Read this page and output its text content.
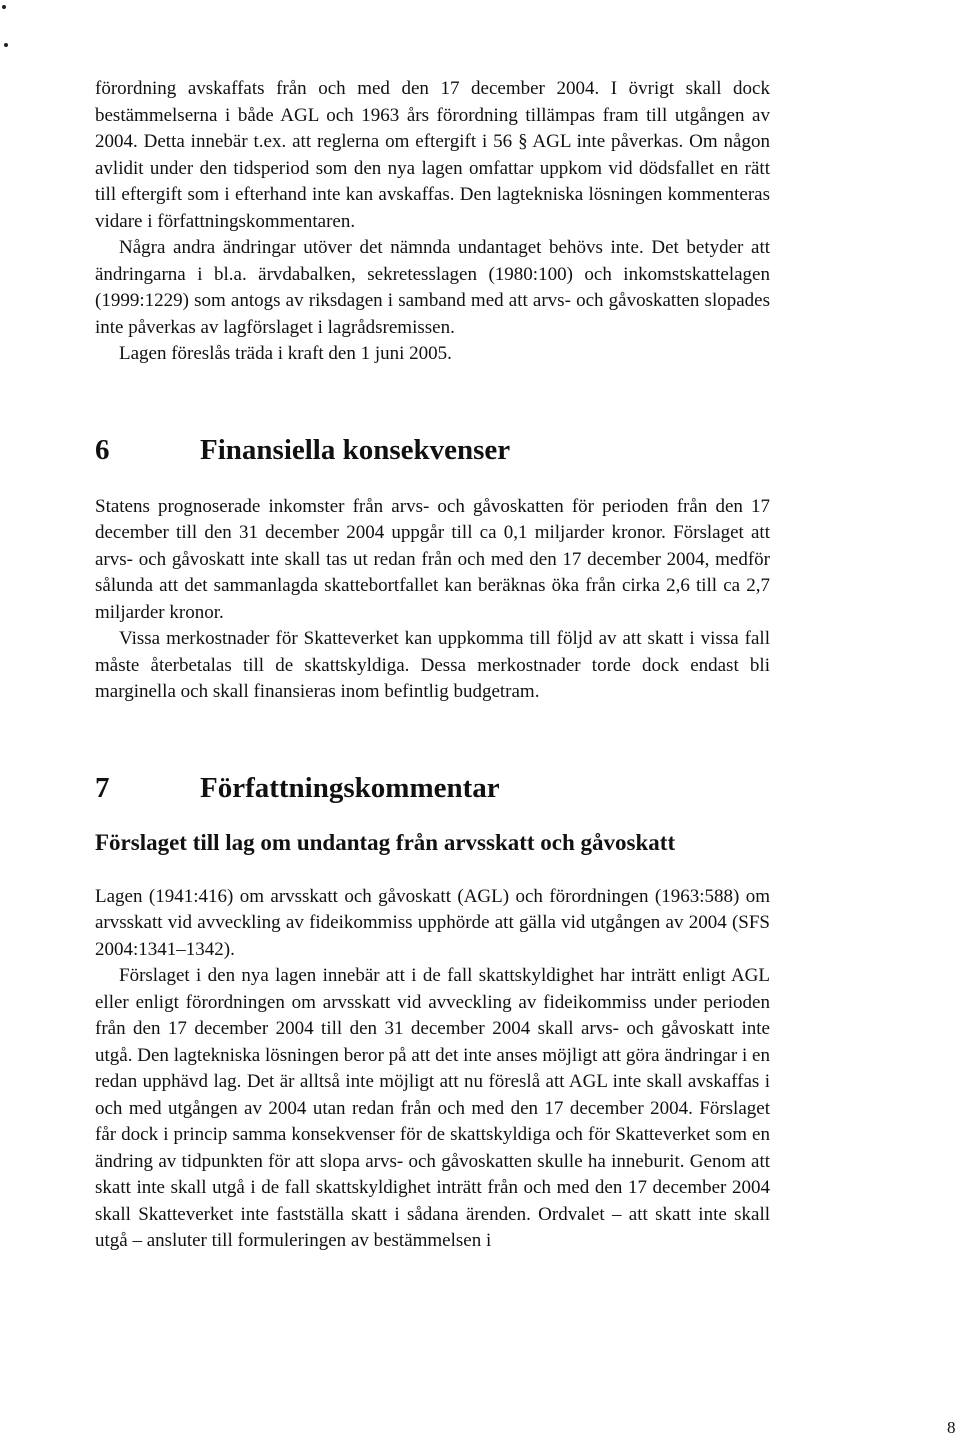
förordning avskaffats från och med den 17 december 2004. I övrigt skall dock bestämmelserna i både AGL och 1963 års förordning tillämpas fram till utgången av 2004. Detta innebär t.ex. att reglerna om eftergift i 56 § AGL inte påverkas. Om någon avlidit under den tidsperiod som den nya lagen omfattar uppkom vid dödsfallet en rätt till eftergift som i efterhand inte kan avskaffas. Den lagtekniska lösningen kommenteras vidare i författningskommentaren.

Några andra ändringar utöver det nämnda undantaget behövs inte. Det betyder att ändringarna i bl.a. ärvdabalken, sekretesslagen (1980:100) och inkomstskattelagen (1999:1229) som antogs av riksdagen i samband med att arvs- och gåvoskatten slopades inte påverkas av lagförslaget i lagrådsremissen.

Lagen föreslås träda i kraft den 1 juni 2005.

6	Finansiella konsekvenser

Statens prognoserade inkomster från arvs- och gåvoskatten för perioden från den 17 december till den 31 december 2004 uppgår till ca 0,1 miljarder kronor. Förslaget att arvs- och gåvoskatt inte skall tas ut redan från och med den 17 december 2004, medför sålunda att det sammanlagda skattebortfallet kan beräknas öka från cirka 2,6 till ca 2,7 miljarder kronor.

Vissa merkostnader för Skatteverket kan uppkomma till följd av att skatt i vissa fall måste återbetalas till de skattskyldiga. Dessa merkostnader torde dock endast bli marginella och skall finansieras inom befintlig budgetram.

7	Författningskommentar
Förslaget till lag om undantag från arvsskatt och gåvoskatt

Lagen (1941:416) om arvsskatt och gåvoskatt (AGL) och förordningen (1963:588) om arvsskatt vid avveckling av fideikommiss upphörde att gälla vid utgången av 2004 (SFS 2004:1341–1342).

Förslaget i den nya lagen innebär att i de fall skattskyldighet har inträtt enligt AGL eller enligt förordningen om arvsskatt vid avveckling av fideikommiss under perioden från den 17 december 2004 till den 31 december 2004 skall arvs- och gåvoskatt inte utgå. Den lagtekniska lösningen beror på att det inte anses möjligt att göra ändringar i en redan upphävd lag. Det är alltså inte möjligt att nu föreslå att AGL inte skall avskaffas i och med utgången av 2004 utan redan från och med den 17 december 2004. Förslaget får dock i princip samma konsekvenser för de skattskyldiga och för Skatteverket som en ändring av tidpunkten för att slopa arvs- och gåvoskatten skulle ha inneburit. Genom att skatt inte skall utgå i de fall skattskyldighet inträtt från och med den 17 december 2004 skall Skatteverket inte fastställa skatt i sådana ärenden. Ordvalet – att skatt inte skall utgå – ansluter till formuleringen av bestämmelsen i

8
